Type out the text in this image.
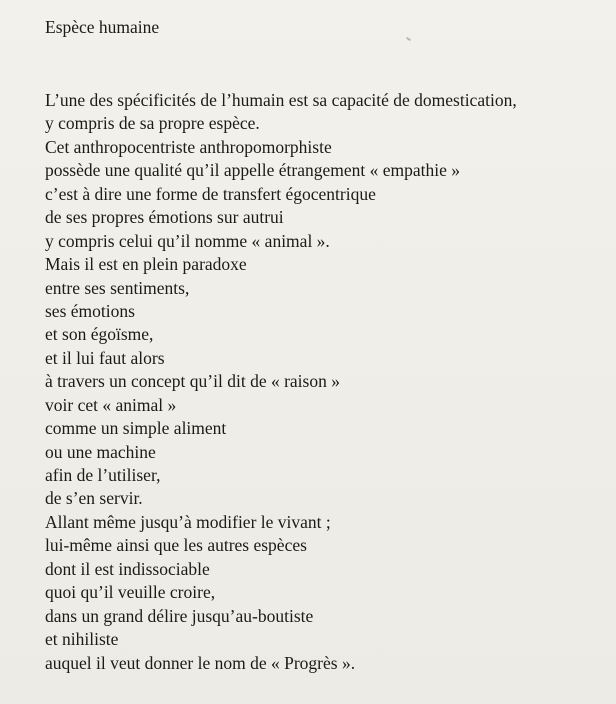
Espèce humaine
L’une des spécificités de l’humain est sa capacité de domestication,
y compris de sa propre espèce.
Cet anthropocentriste anthropomorphiste
possède une qualité qu’il appelle étrangement « empathie »
c’est à dire une forme de transfert égocentrique
de ses propres émotions sur autrui
y compris celui qu’il nomme « animal ».
Mais il est en plein paradoxe
entre ses sentiments,
ses émotions
et son égoïsme,
et il lui faut alors
à travers un concept qu’il dit de « raison »
voir cet « animal »
comme un simple aliment
ou une machine
afin de l’utiliser,
de s’en servir.
Allant même jusqu’à modifier le vivant ;
lui-même ainsi que les autres espèces
dont il est indissociable
quoi qu’il veuille croire,
dans un grand délire jusqu’au-boutiste
et nihiliste
auquel il veut donner le nom de « Progrès ».
